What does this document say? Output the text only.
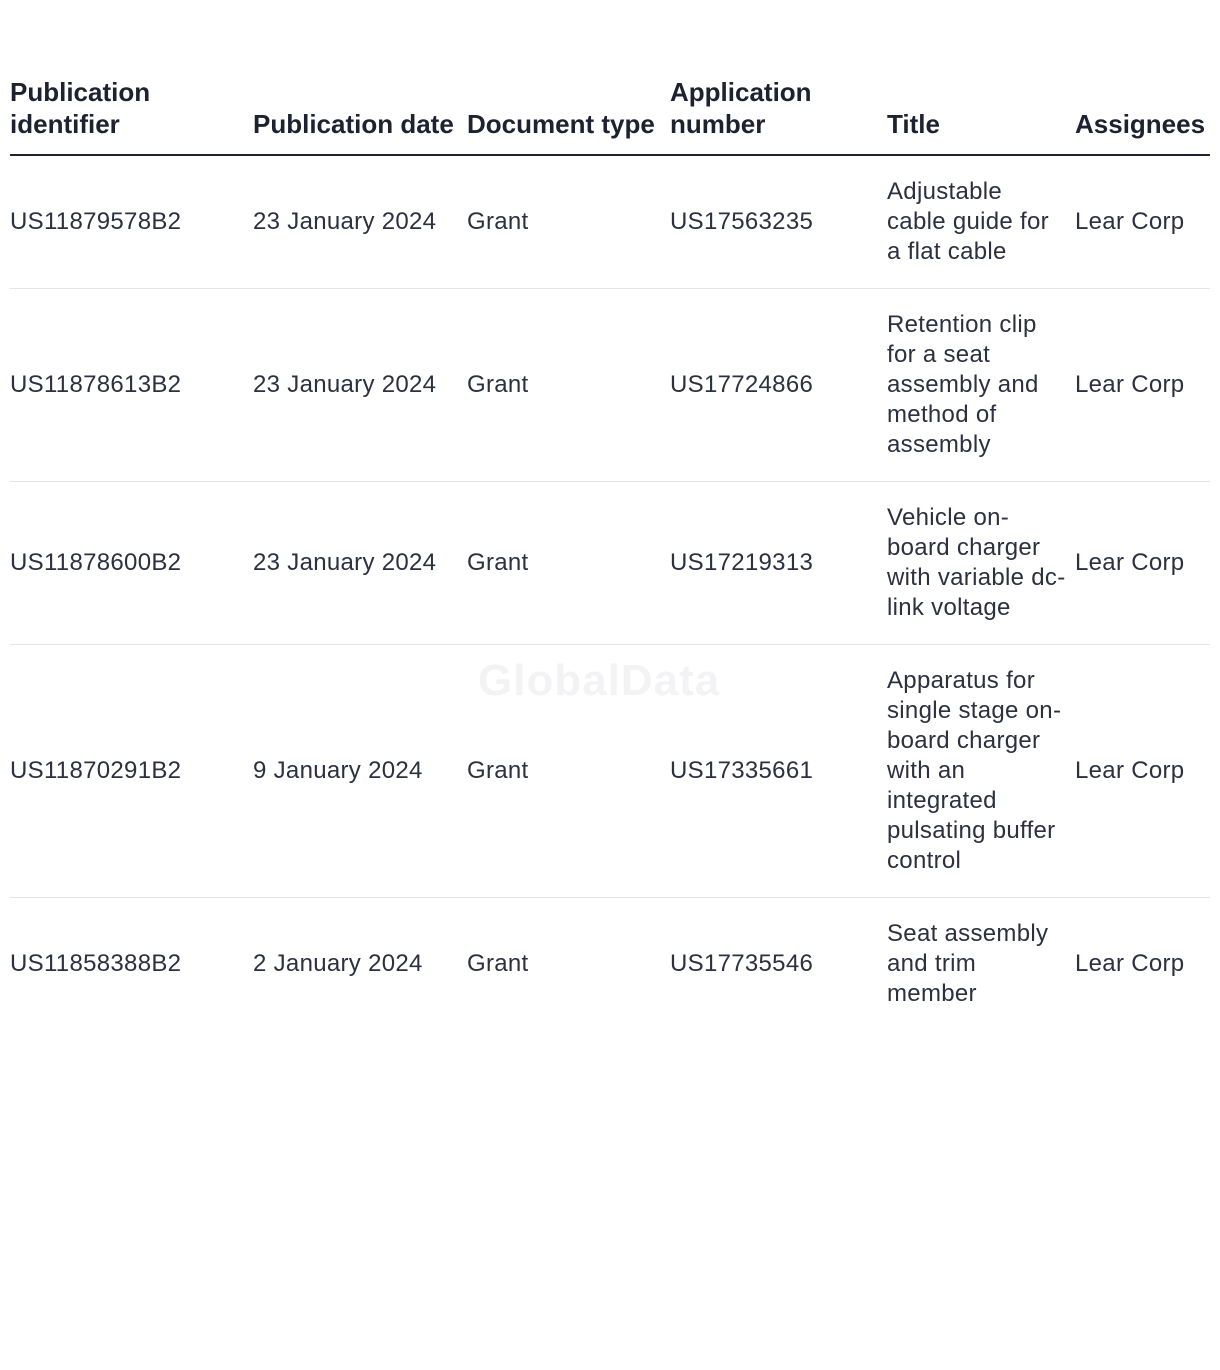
GlobalData
Publication identifier	Publication date	Document type	Application number	Title	Assignees
US11879578B2	23 January 2024	Grant	US17563235	Adjustable cable guide for a flat cable	Lear Corp
US11878613B2	23 January 2024	Grant	US17724866	Retention clip for a seat assembly and method of assembly	Lear Corp
US11878600B2	23 January 2024	Grant	US17219313	Vehicle on-board charger with variable dc-link voltage	Lear Corp
US11870291B2	9 January 2024	Grant	US17335661	Apparatus for single stage on-board charger with an integrated pulsating buffer control	Lear Corp
US11858388B2	2 January 2024	Grant	US17735546	Seat assembly and trim member	Lear Corp
